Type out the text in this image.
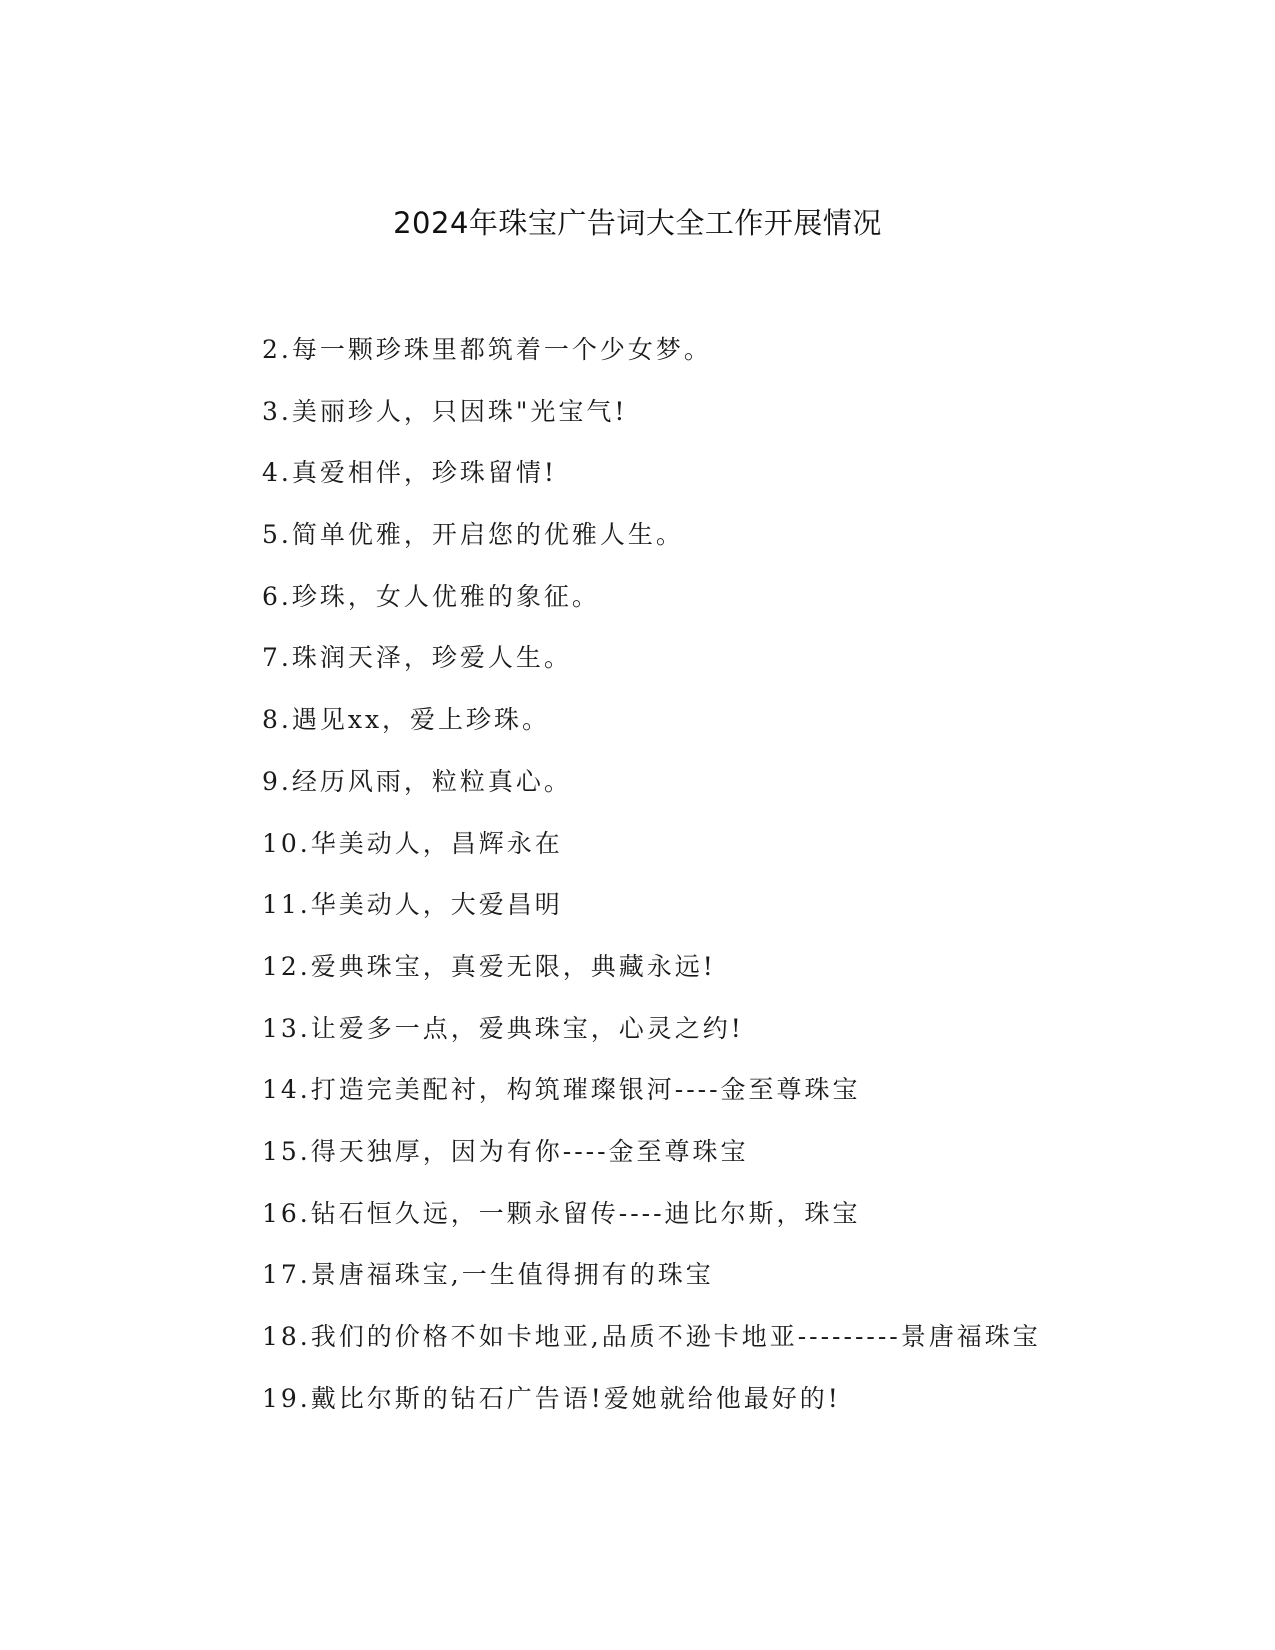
2024年珠宝广告词大全工作开展情况
2.每一颗珍珠里都筑着一个少女梦。
3.美丽珍人，只因珠"光宝气!
4.真爱相伴，珍珠留情!
5.简单优雅，开启您的优雅人生。
6.珍珠，女人优雅的象征。
7.珠润天泽，珍爱人生。
8.遇见xx，爱上珍珠。
9.经历风雨，粒粒真心。
10.华美动人，昌辉永在
11.华美动人，大爱昌明
12.爱典珠宝，真爱无限，典藏永远!
13.让爱多一点，爱典珠宝，心灵之约!
14.打造完美配衬，构筑璀璨银河----金至尊珠宝
15.得天独厚，因为有你----金至尊珠宝
16.钻石恒久远，一颗永留传----迪比尔斯，珠宝
17.景唐福珠宝,一生值得拥有的珠宝
18.我们的价格不如卡地亚,品质不逊卡地亚---------景唐福珠宝
19.戴比尔斯的钻石广告语!爱她就给他最好的!
